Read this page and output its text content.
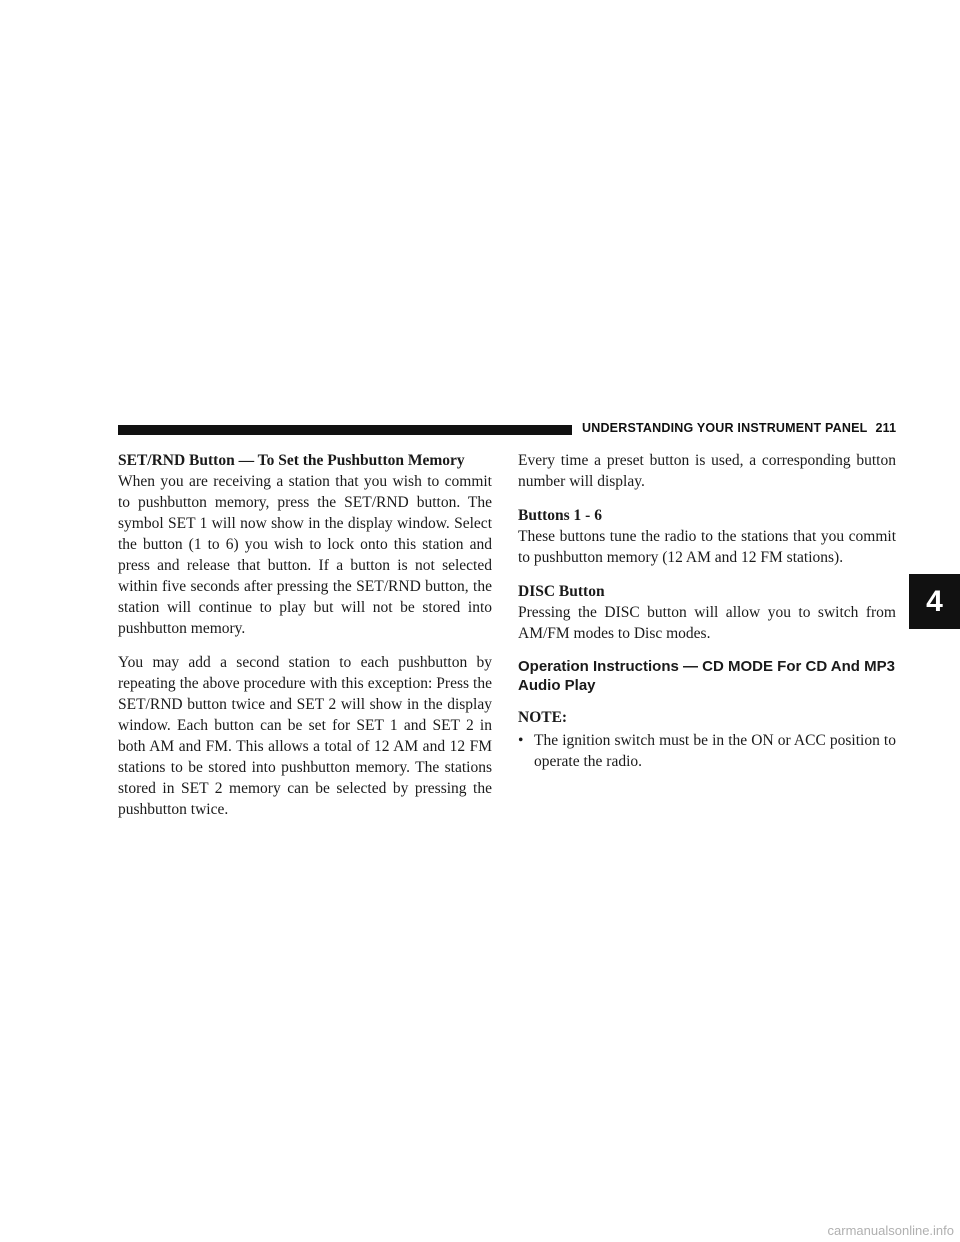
UNDERSTANDING YOUR INSTRUMENT PANEL 211
4

SET/RND Button — To Set the Pushbutton Memory

When you are receiving a station that you wish to commit to pushbutton memory, press the SET/RND button. The symbol SET 1 will now show in the display window. Select the button (1 to 6) you wish to lock onto this station and press and release that button. If a button is not selected within five seconds after pressing the SET/RND button, the station will continue to play but will not be stored into pushbutton memory.

You may add a second station to each pushbutton by repeating the above procedure with this exception: Press the SET/RND button twice and SET 2 will show in the display window. Each button can be set for SET 1 and SET 2 in both AM and FM. This allows a total of 12 AM and 12 FM stations to be stored into pushbutton memory. The stations stored in SET 2 memory can be selected by pressing the pushbutton twice.

Every time a preset button is used, a corresponding button number will display.

Buttons 1 - 6

These buttons tune the radio to the stations that you commit to pushbutton memory (12 AM and 12 FM stations).

DISC Button

Pressing the DISC button will allow you to switch from AM/FM modes to Disc modes.

Operation Instructions — CD MODE For CD And MP3 Audio Play

NOTE:

• The ignition switch must be in the ON or ACC position to operate the radio.
carmanualsonline.info
